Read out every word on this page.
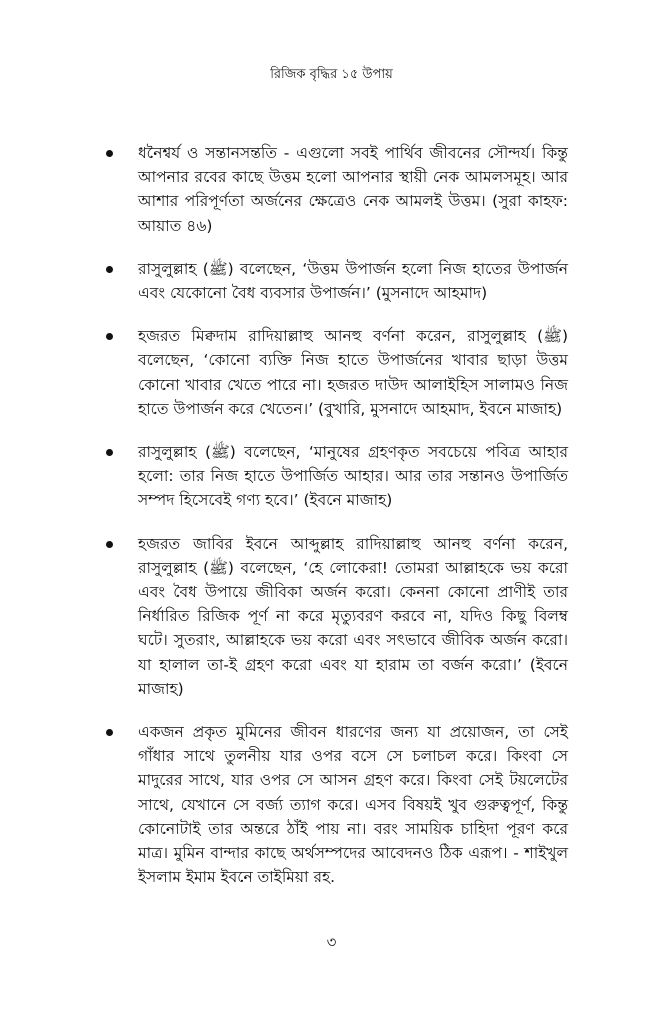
রিজিক বৃদ্ধির ১৫ উপায়
ধনৈশ্বর্য ও সন্তানসন্ততি - এগুলো সবই পার্থিব জীবনের সৌন্দর্য। কিন্তু আপনার রবের কাছে উত্তম হলো আপনার স্থায়ী নেক আমলসমূহ। আর আশার পরিপূর্ণতা অর্জনের ক্ষেত্রেও নেক আমলই উত্তম। (সুরা কাহফ: আয়াত ৪৬)
রাসুলুল্লাহ (ﷺ) বলেছেন, ‘উত্তম উপার্জন হলো নিজ হাতের উপার্জন এবং যেকোনো বৈধ ব্যবসার উপার্জন।’ (মুসনাদে আহমাদ)
হজরত মিক্বদাম রাদিয়াল্লাহু আনহু বর্ণনা করেন, রাসুলুল্লাহ (ﷺ) বলেছেন, ‘কোনো ব্যক্তি নিজ হাতে উপার্জনের খাবার ছাড়া উত্তম কোনো খাবার খেতে পারে না। হজরত দাউদ আলাইহিস সালামও নিজ হাতে উপার্জন করে খেতেন।’ (বুখারি, মুসনাদে আহমাদ, ইবনে মাজাহ)
রাসুলুল্লাহ (ﷺ) বলেছেন, ‘মানুষের গ্রহণকৃত সবচেয়ে পবিত্র আহার হলো: তার নিজ হাতে উপার্জিত আহার। আর তার সন্তানও উপার্জিত সম্পদ হিসেবেই গণ্য হবে।’ (ইবনে মাজাহ)
হজরত জাবির ইবনে আব্দুল্লাহ রাদিয়াল্লাহু আনহু বর্ণনা করেন, রাসুলুল্লাহ (ﷺ) বলেছেন, ‘হে লোকেরা! তোমরা আল্লাহকে ভয় করো এবং বৈধ উপায়ে জীবিকা অর্জন করো। কেননা কোনো প্রাণীই তার নির্ধারিত রিজিক পূর্ণ না করে মৃত্যুবরণ করবে না, যদিও কিছু বিলম্ব ঘটে। সুতরাং, আল্লাহকে ভয় করো এবং সৎভাবে জীবিক অর্জন করো। যা হালাল তা-ই গ্রহণ করো এবং যা হারাম তা বর্জন করো।’ (ইবনে মাজাহ)
একজন প্রকৃত মুমিনের জীবন ধারণের জন্য যা প্রয়োজন, তা সেই গাঁধার সাথে তুলনীয় যার ওপর বসে সে চলাচল করে। কিংবা সে মাদুরের সাথে, যার ওপর সে আসন গ্রহণ করে। কিংবা সেই টয়লেটের সাথে, যেখানে সে বর্জ্য ত্যাগ করে। এসব বিষয়ই খুব গুরুত্বপূর্ণ, কিন্তু কোনোটাই তার অন্তরে ঠাঁই পায় না। বরং সাময়িক চাহিদা পূরণ করে মাত্র। মুমিন বান্দার কাছে অর্থসম্পদের আবেদনও ঠিক এরূপ। - শাইখুল ইসলাম ইমাম ইবনে তাইমিয়া রহ.
৩
